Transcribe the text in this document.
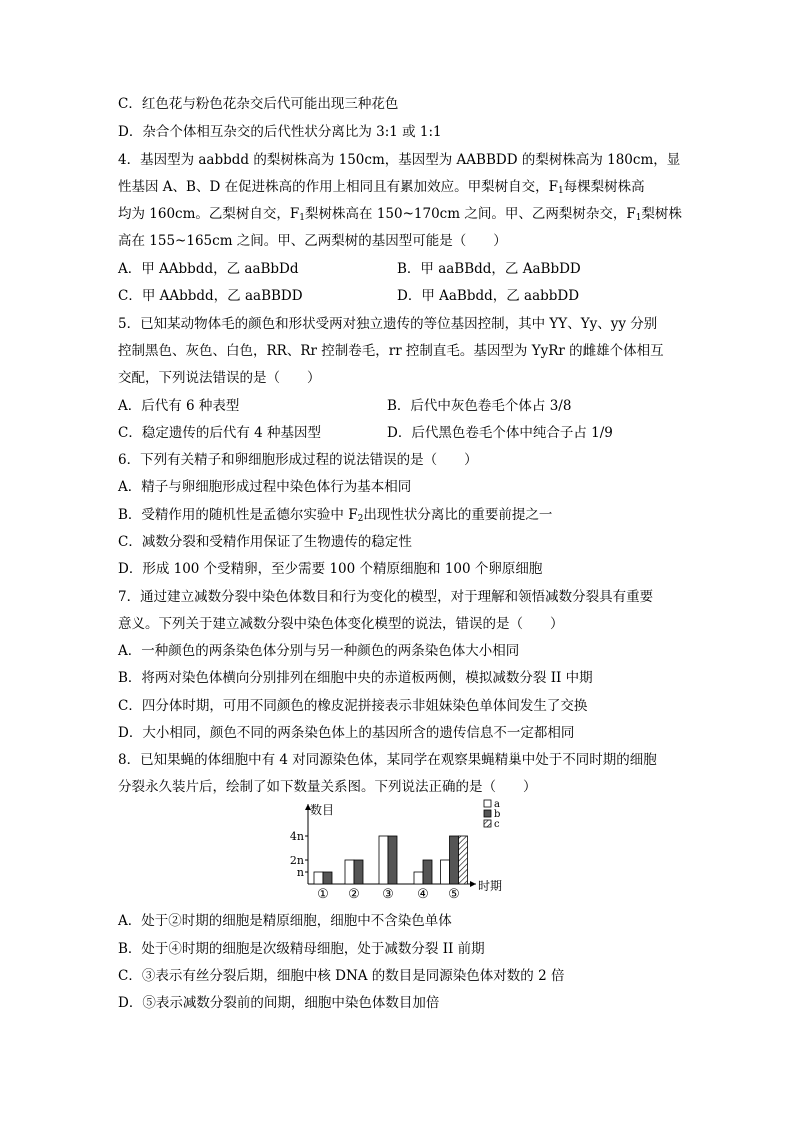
C．红色花与粉色花杂交后代可能出现三种花色
D．杂合个体相互杂交的后代性状分离比为 3:1 或 1:1
4．基因型为 aabbdd 的梨树株高为 150cm，基因型为 AABBDD 的梨树株高为 180cm，显
性基因 A、B、D 在促进株高的作用上相同且有累加效应。甲梨树自交，$F_1$每棵梨树株高
均为 160cm。乙梨树自交，$F_1$梨树株高在 150~170cm 之间。甲、乙两梨树杂交，$F_1$梨树株
高在 155~165cm 之间。甲、乙两梨树的基因型可能是（　　）
A．甲 AAbbdd，乙 aaBbDd	B．甲 aaBBdd，乙 AaBbDD
C．甲 AAbbdd，乙 aaBBDD	D．甲 AaBbdd，乙 aabbDD
5．已知某动物体毛的颜色和形状受两对独立遗传的等位基因控制，其中 YY、Yy、yy 分别
控制黑色、灰色、白色，RR、Rr 控制卷毛，rr 控制直毛。基因型为 YyRr 的雌雄个体相互
交配，下列说法错误的是（　　）
A．后代有 6 种表型	B．后代中灰色卷毛个体占 3/8
C．稳定遗传的后代有 4 种基因型	D．后代黑色卷毛个体中纯合子占 1/9
6．下列有关精子和卵细胞形成过程的说法错误的是（　　）
A．精子与卵细胞形成过程中染色体行为基本相同
B．受精作用的随机性是孟德尔实验中 $F_2$出现性状分离比的重要前提之一
C．减数分裂和受精作用保证了生物遗传的稳定性
D．形成 100 个受精卵，至少需要 100 个精原细胞和 100 个卵原细胞
7．通过建立减数分裂中染色体数目和行为变化的模型，对于理解和领悟减数分裂具有重要
意义。下列关于建立减数分裂中染色体变化模型的说法，错误的是（　　）
A．一种颜色的两条染色体分别与另一种颜色的两条染色体大小相同
B．将两对染色体横向分别排列在细胞中央的赤道板两侧，模拟减数分裂 II 中期
C．四分体时期，可用不同颜色的橡皮泥拼接表示非姐妹染色单体间发生了交换
D．大小相同，颜色不同的两条染色体上的基因所含的遗传信息不一定都相同
8．已知果蝇的体细胞中有 4 对同源染色体，某同学在观察果蝇精巢中处于不同时期的细胞
分裂永久装片后，绘制了如下数量关系图。下列说法正确的是（　　）
数目
时期
n
2n
4n
① ② ③ ④ ⑤
a
b
c
A．处于②时期的细胞是精原细胞，细胞中不含染色单体
B．处于④时期的细胞是次级精母细胞，处于减数分裂 II 前期
C．③表示有丝分裂后期，细胞中核 DNA 的数目是同源染色体对数的 2 倍
D．⑤表示减数分裂前的间期，细胞中染色体数目加倍
